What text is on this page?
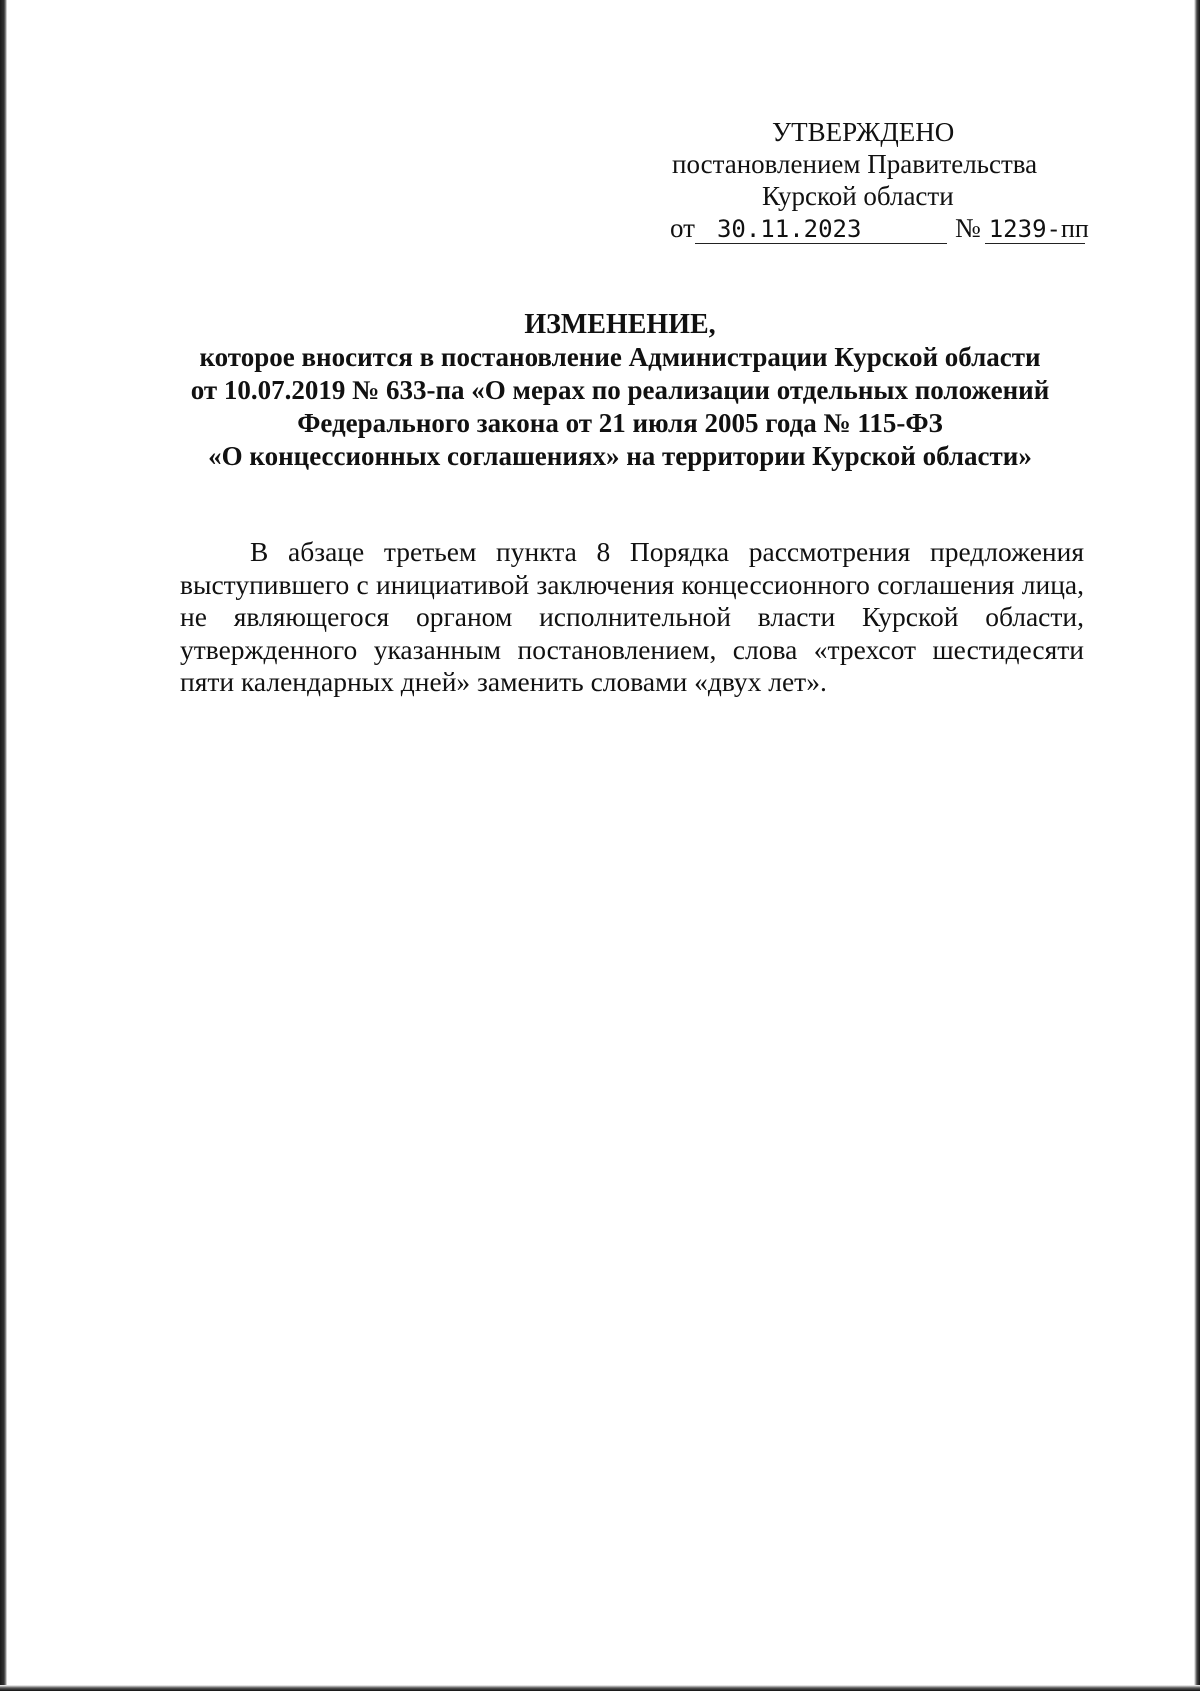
УТВЕРЖДЕНО
постановлением Правительства
Курской области
от 30.11.2023	№ 1239-пп
ИЗМЕНЕНИЕ,
которое вносится в постановление Администрации Курской области
от 10.07.2019 № 633-па «О мерах по реализации отдельных положений
Федерального закона от 21 июля 2005 года № 115-ФЗ
«О концессионных соглашениях» на территории Курской области»

В абзаце третьем пункта 8 Порядка рассмотрения предложения выступившего с инициативой заключения концессионного соглашения лица, не являющегося органом исполнительной власти Курской области, утвержденного указанным постановлением, слова «трехсот шестидесяти пяти календарных дней» заменить словами «двух лет».
